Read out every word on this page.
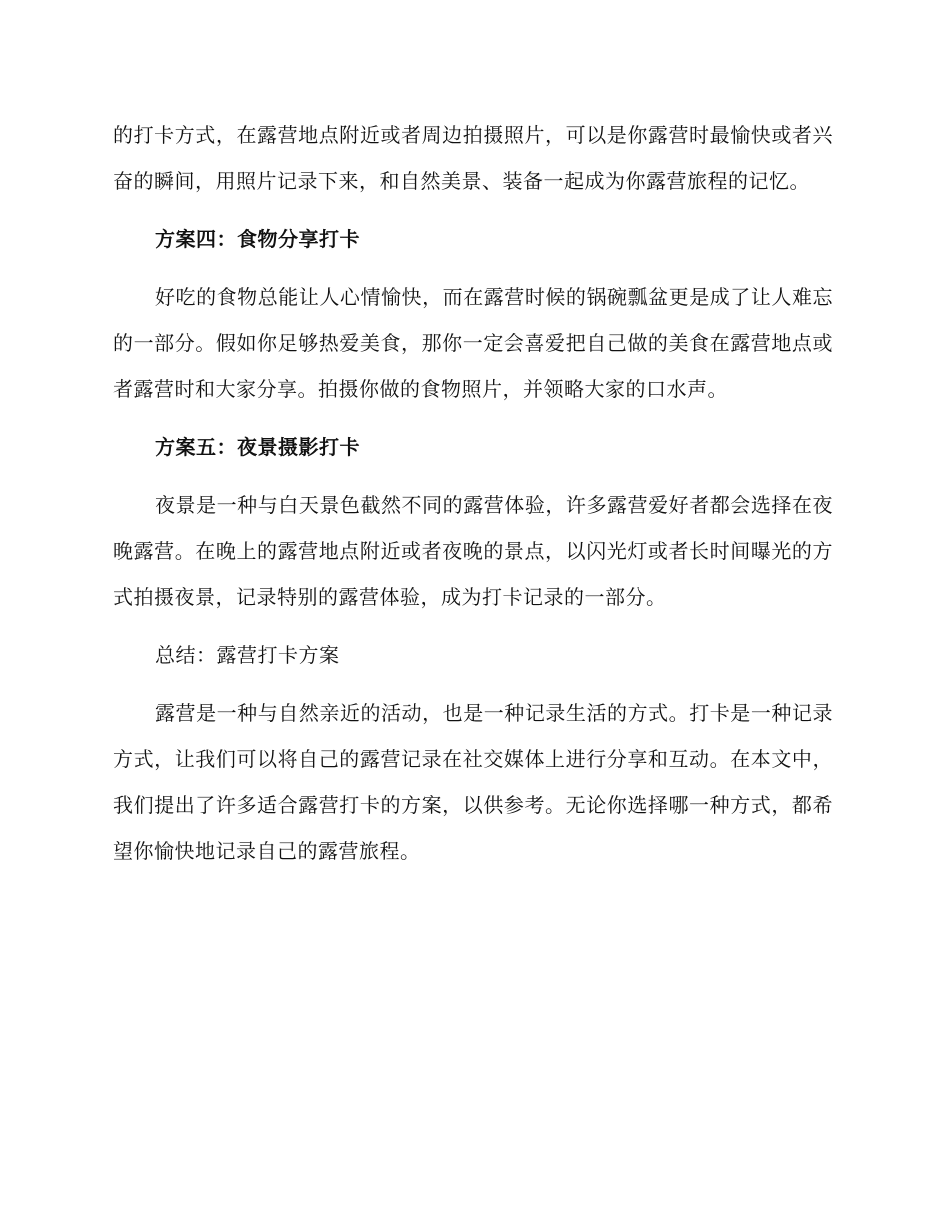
的打卡方式，在露营地点附近或者周边拍摄照片，可以是你露营时最愉快或者兴奋的瞬间，用照片记录下来，和自然美景、装备一起成为你露营旅程的记忆。

方案四：食物分享打卡

好吃的食物总能让人心情愉快，而在露营时候的锅碗瓢盆更是成了让人难忘的一部分。假如你足够热爱美食，那你一定会喜爱把自己做的美食在露营地点或者露营时和大家分享。拍摄你做的食物照片，并领略大家的口水声。

方案五：夜景摄影打卡

夜景是一种与白天景色截然不同的露营体验，许多露营爱好者都会选择在夜晚露营。在晚上的露营地点附近或者夜晚的景点，以闪光灯或者长时间曝光的方式拍摄夜景，记录特别的露营体验，成为打卡记录的一部分。

总结：露营打卡方案

露营是一种与自然亲近的活动，也是一种记录生活的方式。打卡是一种记录方式，让我们可以将自己的露营记录在社交媒体上进行分享和互动。在本文中，我们提出了许多适合露营打卡的方案，以供参考。无论你选择哪一种方式，都希望你愉快地记录自己的露营旅程。
